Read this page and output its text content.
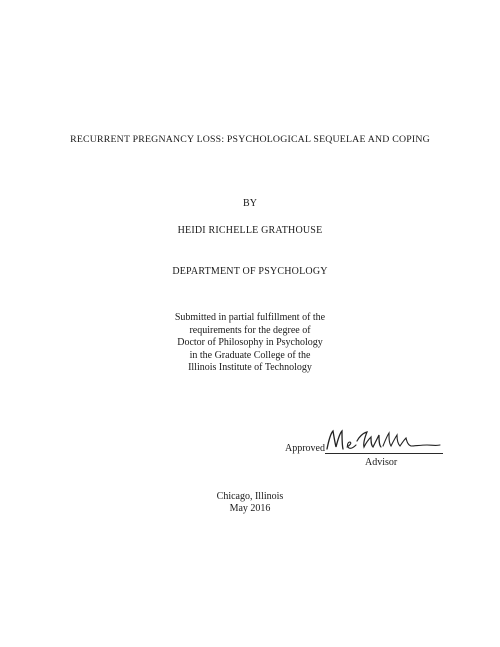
RECURRENT PREGNANCY LOSS: PSYCHOLOGICAL SEQUELAE AND COPING
BY
HEIDI RICHELLE GRATHOUSE
DEPARTMENT OF PSYCHOLOGY
Submitted in partial fulfillment of the
requirements for the degree of
Doctor of Philosophy in Psychology
in the Graduate College of the
Illinois Institute of Technology
Approved
Advisor
Chicago, Illinois
May 2016
